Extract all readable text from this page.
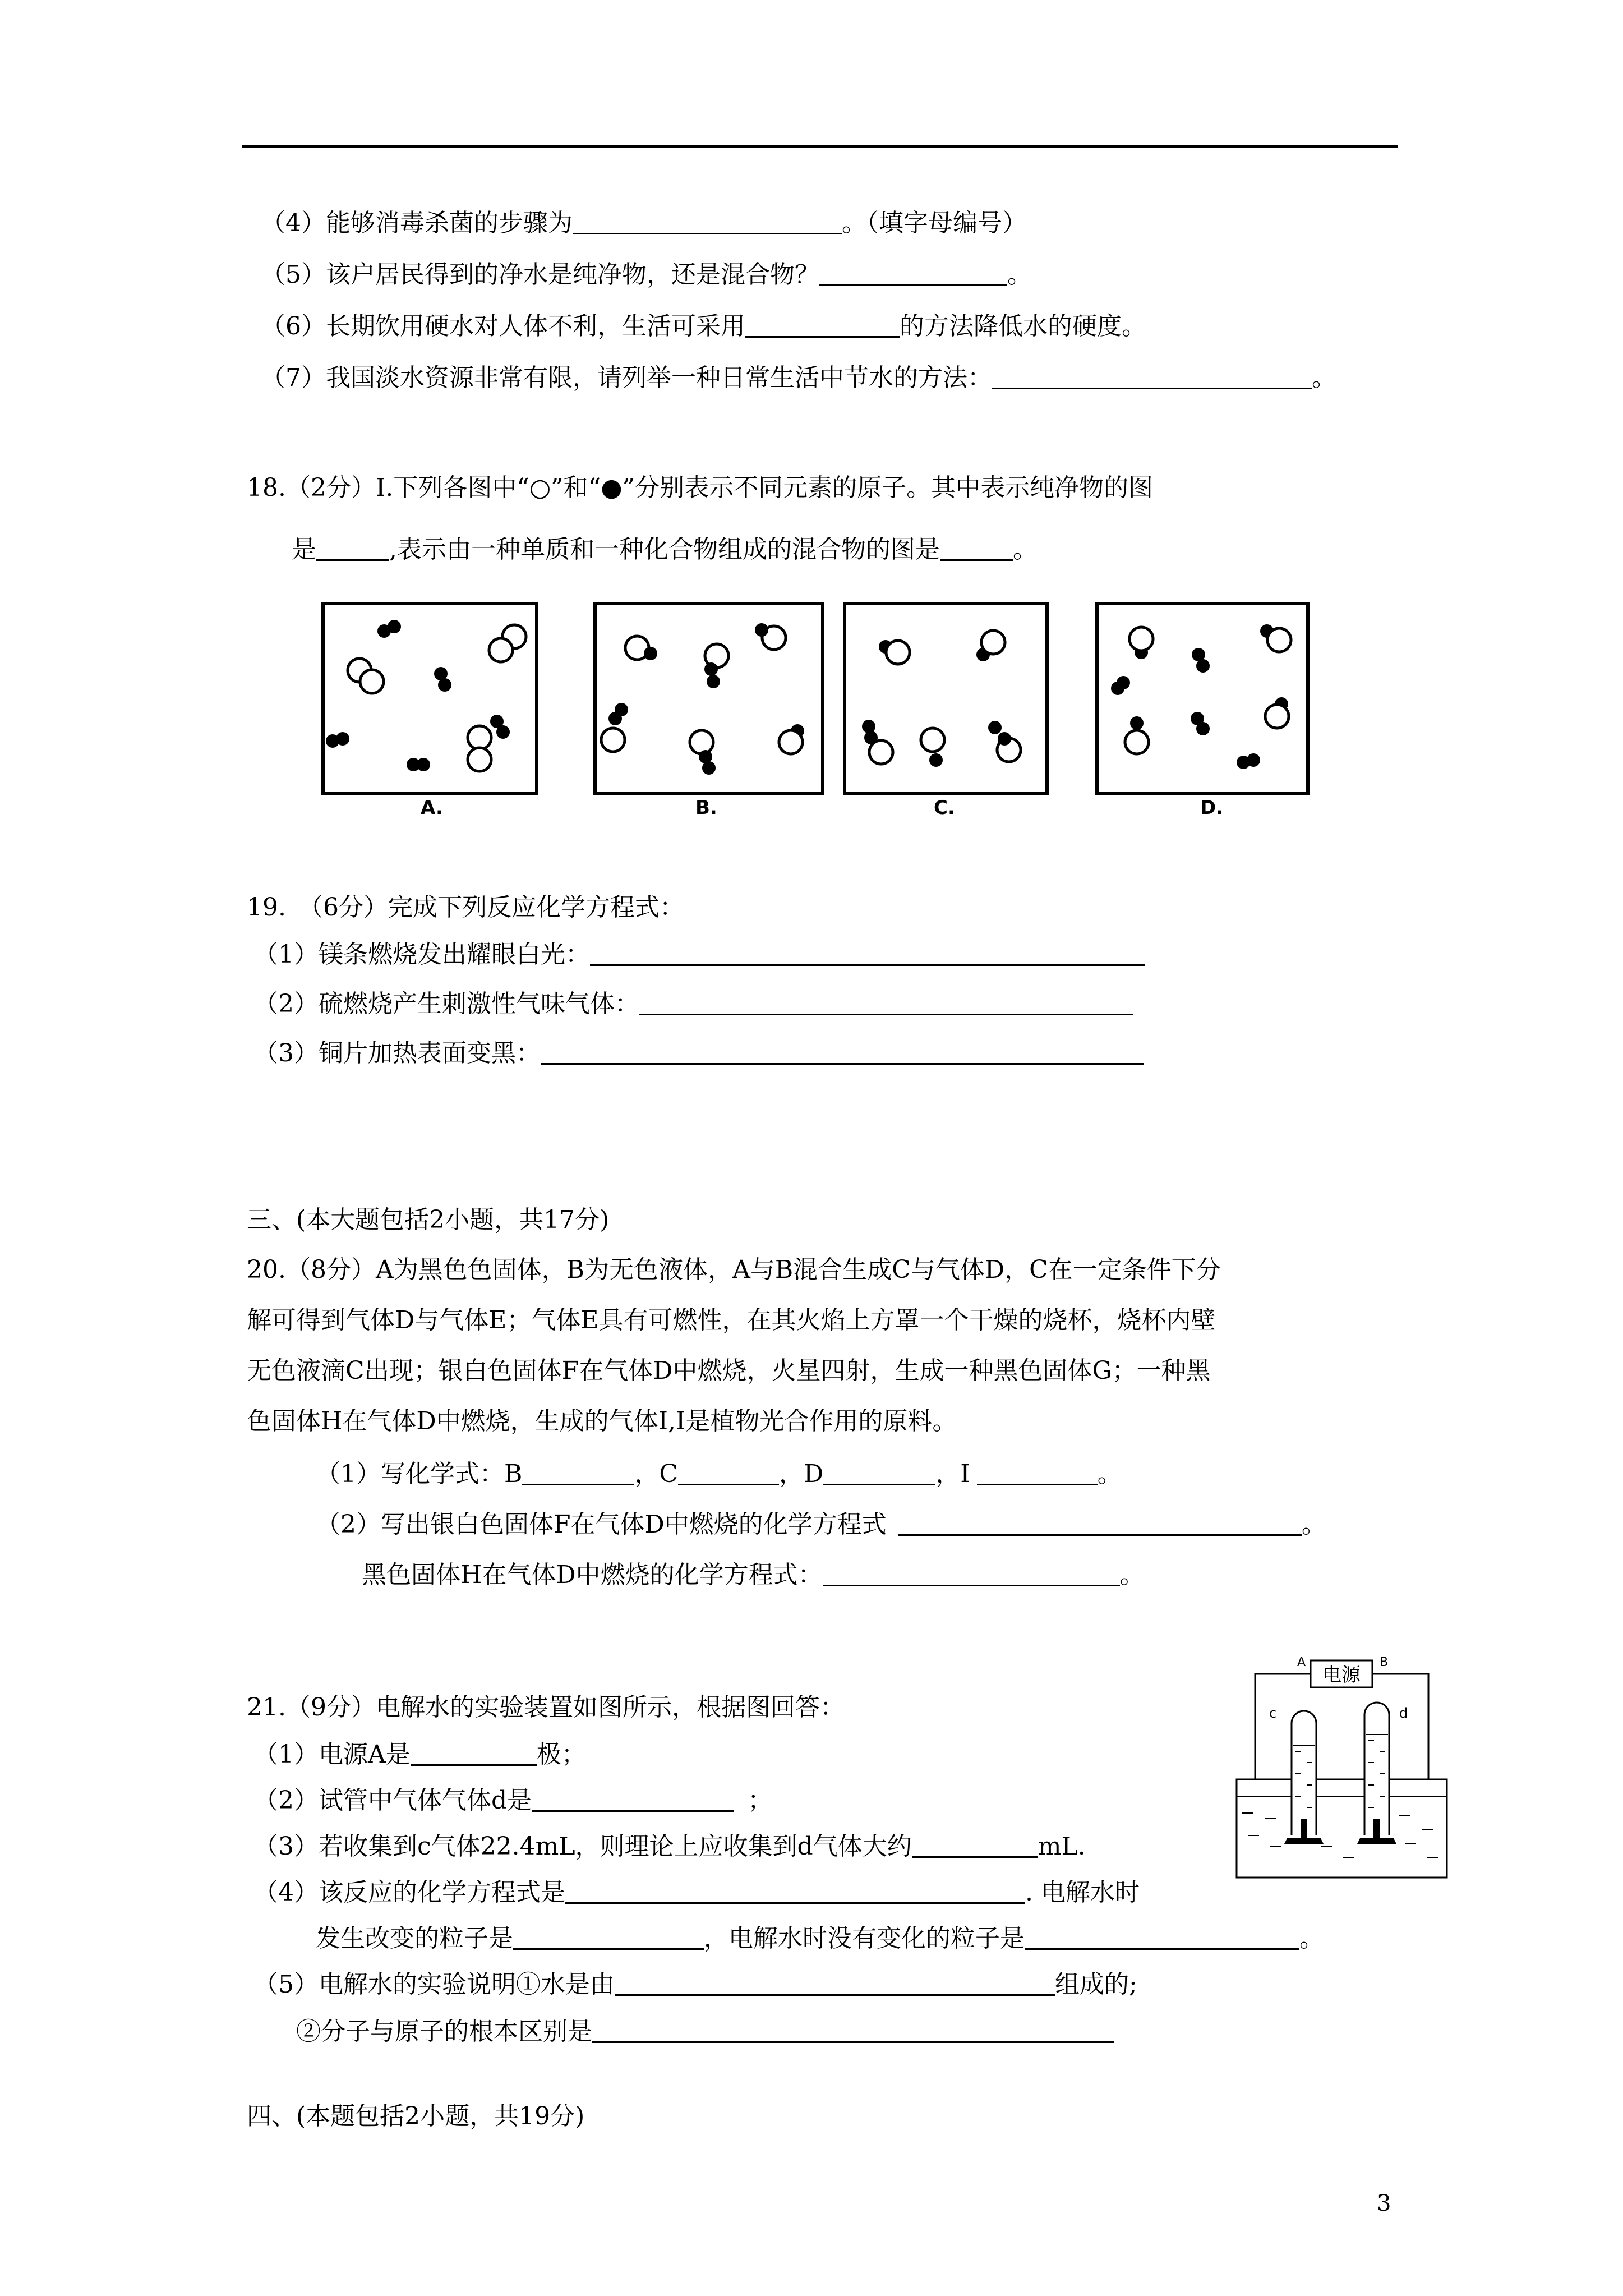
（4）能够消毒杀菌的步骤为	。（填字母编号）
（5）该户居民得到的净水是纯净物，还是混合物？	。
（6）长期饮用硬水对人体不利，生活可采用	的方法降低水的硬度。
（7）我国淡水资源非常有限，请列举一种日常生活中节水的方法：	。
18.（2分）I.下列各图中“○”和“●”分别表示不同元素的原子。其中表示纯净物的图
是	,表示由一种单质和一种化合物组成的混合物的图是	。
A.	B.	C.	D.
19.　（6分）完成下列反应化学方程式：
（1）镁条燃烧发出耀眼白光：
（2）硫燃烧产生刺激性气味气体：
（3）铜片加热表面变黑：
三、(本大题包括2小题，共17分)
20.（8分）A为黑色色固体，B为无色液体，A与B混合生成C与气体D，C在一定条件下分
解可得到气体D与气体E；气体E具有可燃性，在其火焰上方罩一个干燥的烧杯，烧杯内壁
无色液滴C出现；银白色固体F在气体D中燃烧，火星四射，生成一种黑色固体G；一种黑
色固体H在气体D中燃烧，生成的气体I,I是植物光合作用的原料。
（1）写化学式：B	，C	，D	，I	。
（2）写出银白色固体F在气体D中燃烧的化学方程式	。
黑色固体H在气体D中燃烧的化学方程式：	。
21.（9分）电解水的实验装置如图所示，根据图回答：
（1）电源A是	极；
（2）试管中气体气体d是	；
（3）若收集到c气体22.4mL，则理论上应收集到d气体大约	mL.
（4）该反应的化学方程式是	. 电解水时
发生改变的粒子是	，电解水时没有变化的粒子是	。
（5）电解水的实验说明①水是由	组成的;
②分子与原子的根本区别是
电源
A	B
c	d
四、(本题包括2小题，共19分)
3
